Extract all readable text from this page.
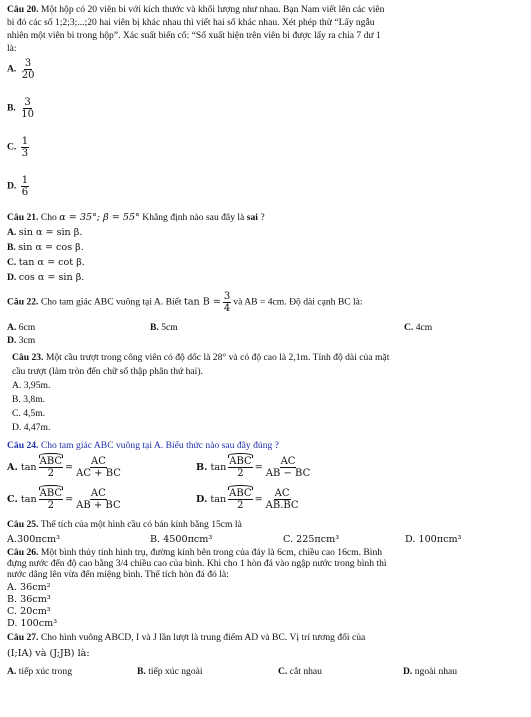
Câu 20. Một hộp có 20 viên bi với kích thước và khối lượng như nhau. Bạn Nam viết lên các viên
bi đó các số 1;2;3;...;20 hai viên bị khác nhau thì viết hai số khác nhau. Xét phép thử “Lấy ngẫu
nhiên một viên bi trong hộp”. Xác suất biến cố: “Số xuất hiện trên viên bi được lấy ra chia 7 dư 1
là:
A. $\frac{3}{20}$
B. $\frac{3}{10}$
C. $\frac{1}{3}$
D. $\frac{1}{6}$
Câu 21. Cho α = 35°; β = 55° Khẳng định nào sau đây là sai ?
A. sin α = sin β.
B. sin α = cos β.
C. tan α = cot β.
D. cos α = sin β.
Câu 22. Cho tam giác ABC vuông tại A. Biết $\tan B = \frac{3}{4}$ và AB = 4cm. Độ dài cạnh BC là:
A. 6cm	B. 5cm	C. 4cm
D. 3cm
Câu 23. Một cầu trượt trong công viên có độ dốc là 28° và có độ cao là 2,1m. Tính độ dài của mặt
cầu trượt (làm tròn đến chữ số thập phân thứ hai).
A. 3,95m.
B. 3,8m.
C. 4,5m.
D. 4,47m.
Câu 24. Cho tam giác ABC vuông tại A. Biểu thức nào sau đây đúng ?
A. $\tan \frac{\text{ABC}}{2} = \frac{AC}{AC + BC}$	B. $\tan \frac{\text{ABC}}{2} = \frac{AC}{AB - BC}$
C. $\tan \frac{\text{ABC}}{2} = \frac{AC}{AB + BC}$	D. $\tan \frac{\text{ABC}}{2} = \frac{AC}{AB.BC}$
Câu 25. Thể tích của một hình cầu có bán kính bằng 15cm là
A.300πcm³	B. 4500πcm³	C. 225πcm³	D. 100πcm³
Câu 26. Một bình thủy tinh hình trụ, đường kính bên trong của đáy là 6cm, chiều cao 16cm. Bình
đựng nước đến độ cao bằng 3/4 chiều cao của bình. Khi cho 1 hòn đá vào ngập nước trong bình thì
nước dâng lên vừa đến miệng bình. Thể tích hòn đá đó là:
A. 36cm²
B. 36cm³
C. 20cm³
D. 100cm³
Câu 27. Cho hình vuông ABCD, I và J lần lượt là trung điểm AD và BC. Vị trí tương đối của
(I;IA) và (J;JB) là:
A. tiếp xúc trong	B. tiếp xúc ngoài	C. cắt nhau	D. ngoài nhau
